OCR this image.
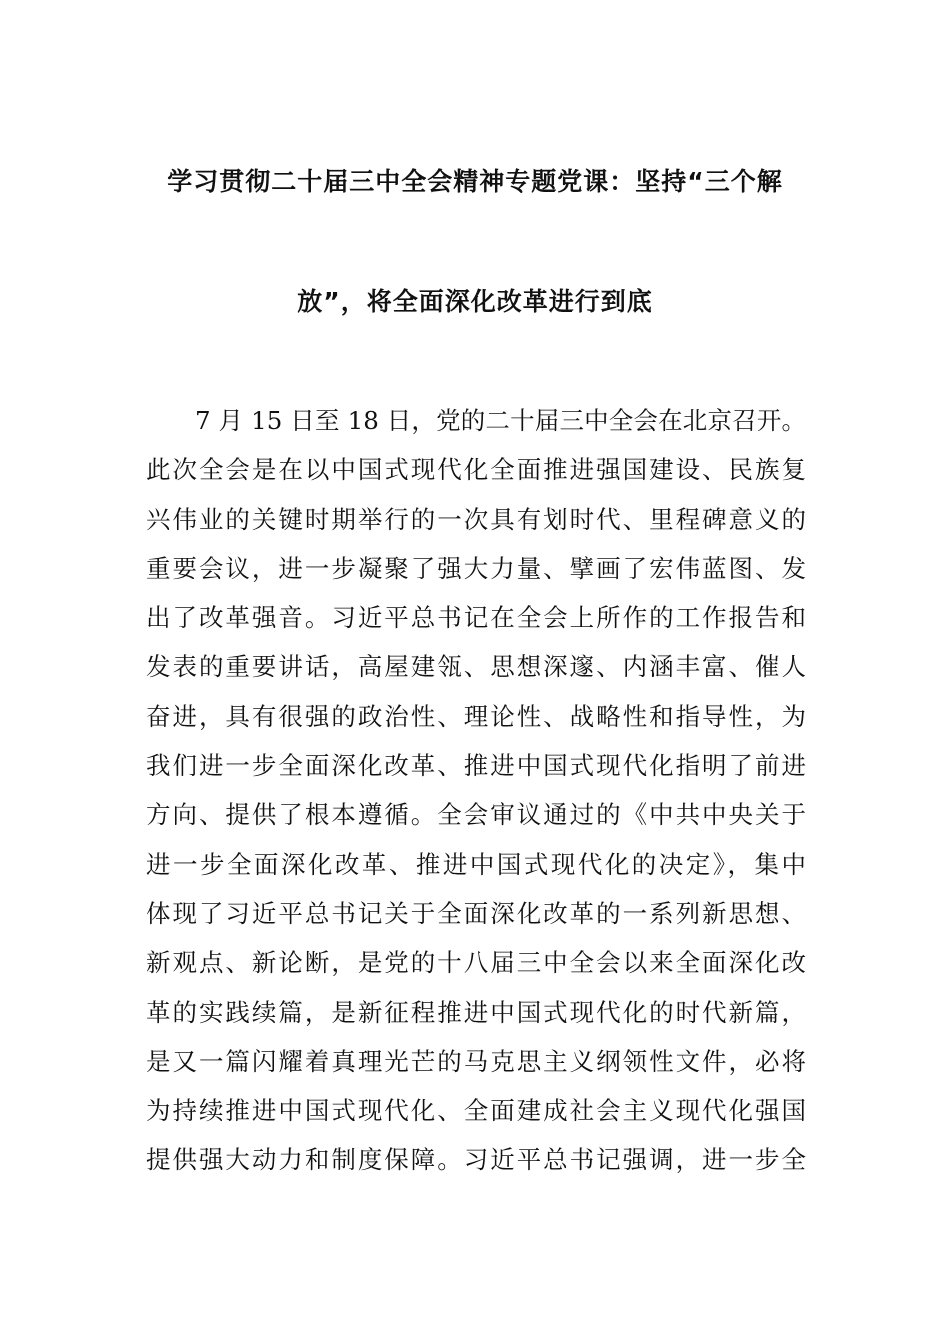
学习贯彻二十届三中全会精神专题党课：坚持“三个解
放”，将全面深化改革进行到底
7 月 15 日至 18 日，党的二十届三中全会在北京召开。
此次全会是在以中国式现代化全面推进强国建设、民族复
兴伟业的关键时期举行的一次具有划时代、里程碑意义的
重要会议，进一步凝聚了强大力量、擘画了宏伟蓝图、发
出了改革强音。习近平总书记在全会上所作的工作报告和
发表的重要讲话，高屋建瓴、思想深邃、内涵丰富、催人
奋进，具有很强的政治性、理论性、战略性和指导性，为
我们进一步全面深化改革、推进中国式现代化指明了前进
方向、提供了根本遵循。全会审议通过的《中共中央关于
进一步全面深化改革、推进中国式现代化的决定》，集中
体现了习近平总书记关于全面深化改革的一系列新思想、
新观点、新论断，是党的十八届三中全会以来全面深化改
革的实践续篇，是新征程推进中国式现代化的时代新篇，
是又一篇闪耀着真理光芒的马克思主义纲领性文件，必将
为持续推进中国式现代化、全面建成社会主义现代化强国
提供强大动力和制度保障。习近平总书记强调，进一步全
